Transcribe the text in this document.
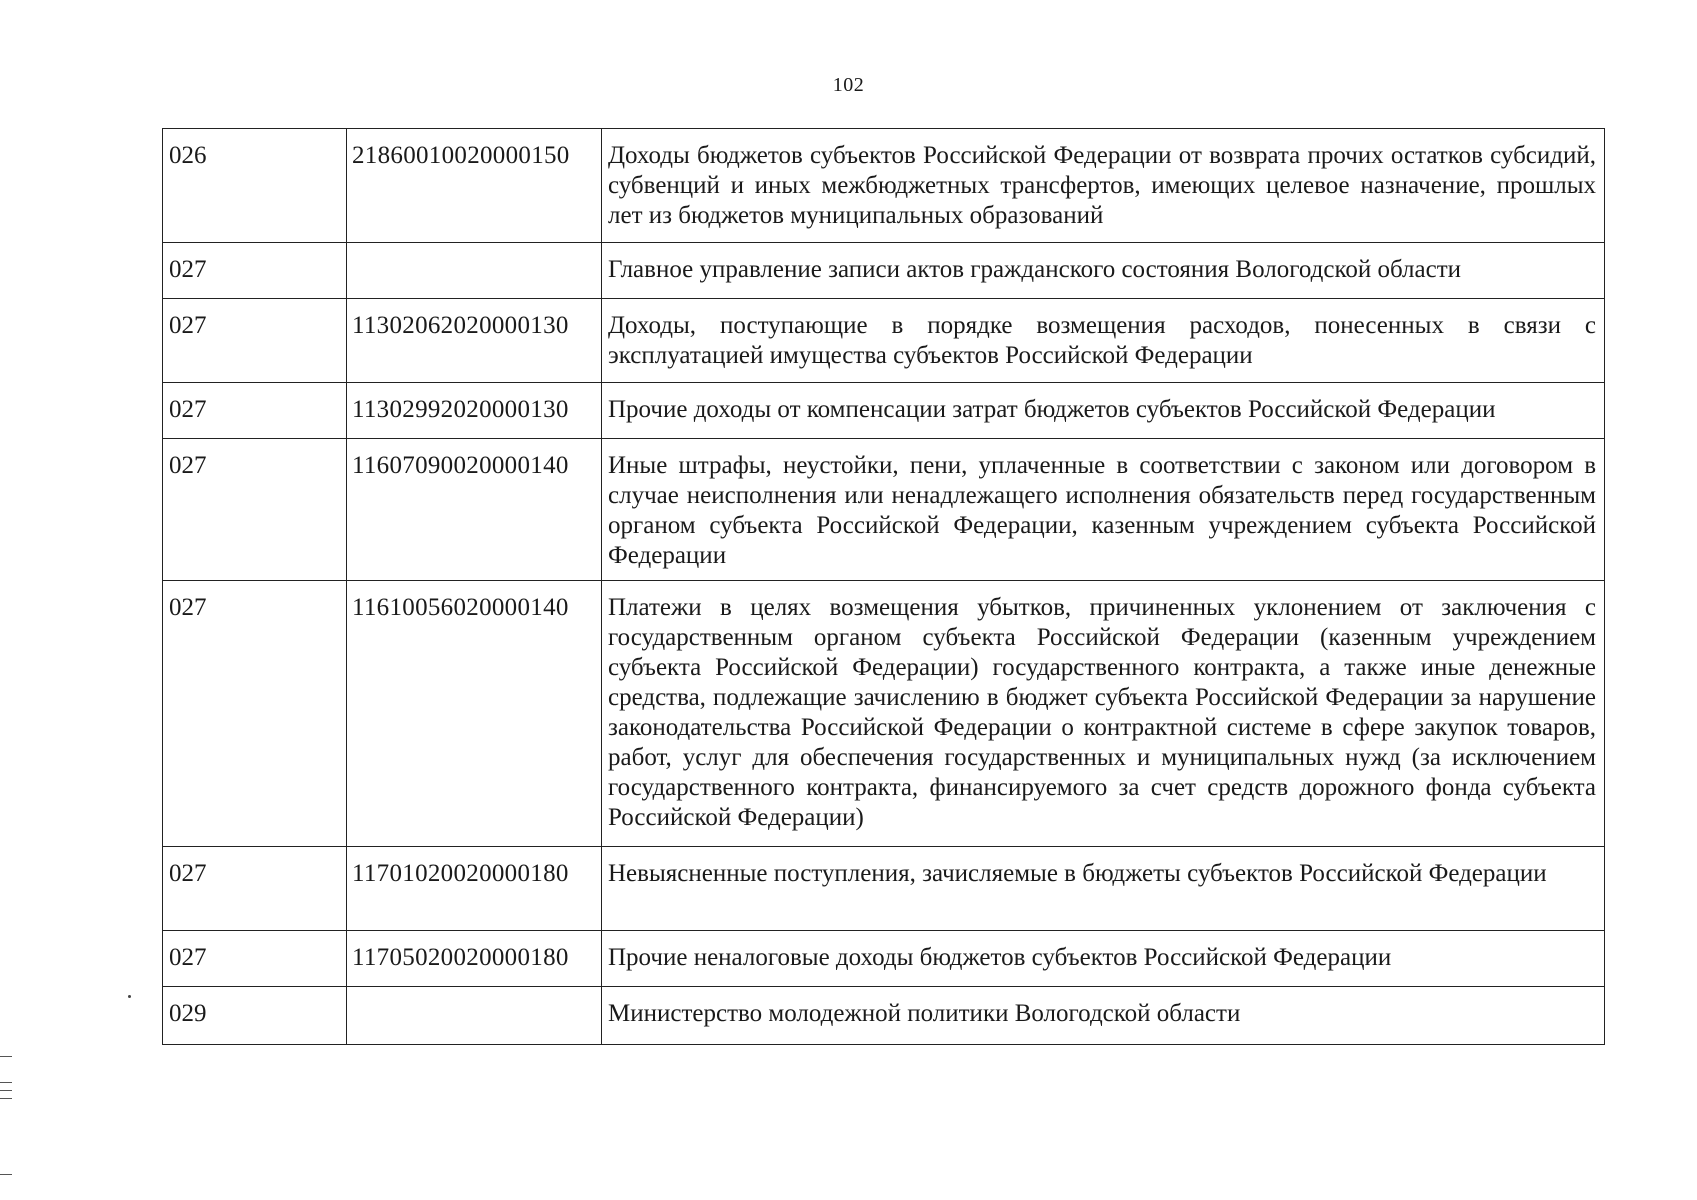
102
026	21860010020000150	Доходы бюджетов субъектов Российской Федерации от возврата прочих остатков субсидий, субвенций и иных межбюджетных трансфертов, имеющих целевое назначение, прошлых лет из бюджетов муниципальных образований
027		Главное управление записи актов гражданского состояния Вологодской области
027	11302062020000130	Доходы, поступающие в порядке возмещения расходов, понесенных в связи с эксплуатацией имущества субъектов Российской Федерации
027	11302992020000130	Прочие доходы от компенсации затрат бюджетов субъектов Российской Федерации
027	11607090020000140	Иные штрафы, неустойки, пени, уплаченные в соответствии с законом или договором в случае неисполнения или ненадлежащего исполнения обязательств перед государственным органом субъекта Российской Федерации, казенным учреждением субъекта Российской Федерации
027	11610056020000140	Платежи в целях возмещения убытков, причиненных уклонением от заключения с государственным органом субъекта Российской Федерации (казенным учреждением субъекта Российской Федерации) государственного контракта, а также иные денежные средства, подлежащие зачислению в бюджет субъекта Российской Федерации за нарушение законодательства Российской Федерации о контрактной системе в сфере закупок товаров, работ, услуг для обеспечения государственных и муниципальных нужд (за исключением государственного контракта, финансируемого за счет средств дорожного фонда субъекта Российской Федерации)
027	11701020020000180	Невыясненные поступления, зачисляемые в бюджеты субъектов Российской Федерации
027	11705020020000180	Прочие неналоговые доходы бюджетов субъектов Российской Федерации
029		Министерство молодежной политики Вологодской области
